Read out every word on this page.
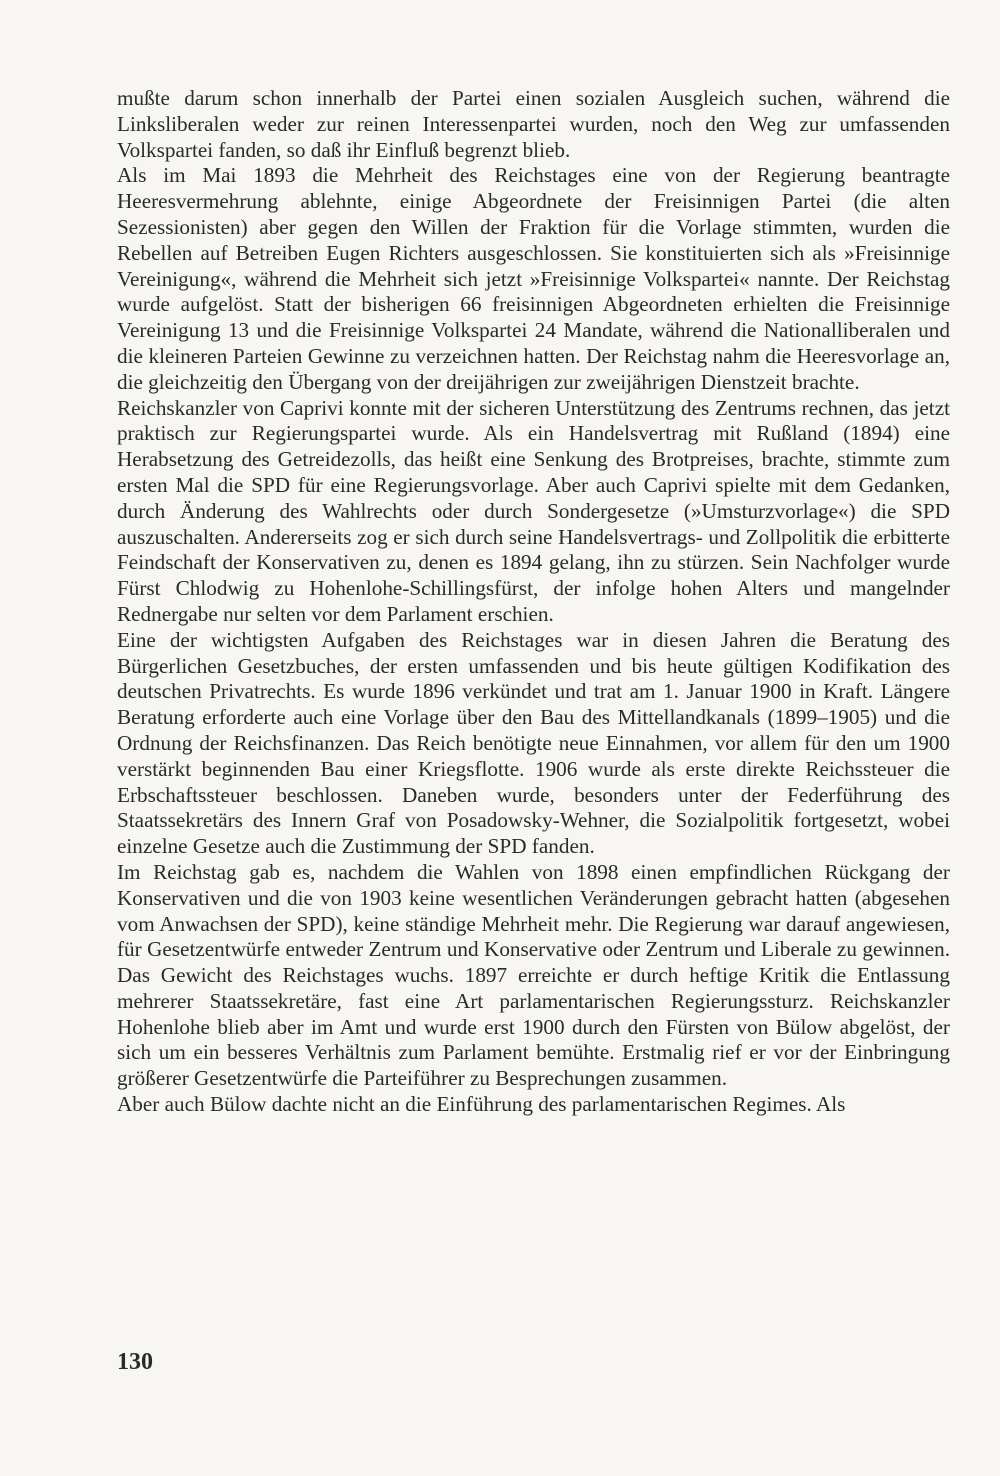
mußte darum schon innerhalb der Partei einen sozialen Ausgleich suchen, während die Linksliberalen weder zur reinen Interessenpartei wurden, noch den Weg zur umfassenden Volkspartei fanden, so daß ihr Einfluß begrenzt blieb.

Als im Mai 1893 die Mehrheit des Reichstages eine von der Regierung beantragte Heeresvermehrung ablehnte, einige Abgeordnete der Freisinnigen Partei (die alten Sezessionisten) aber gegen den Willen der Fraktion für die Vorlage stimmten, wurden die Rebellen auf Betreiben Eugen Richters ausgeschlossen. Sie konstituierten sich als »Freisinnige Vereinigung«, während die Mehrheit sich jetzt »Freisinnige Volkspartei« nannte. Der Reichstag wurde aufgelöst. Statt der bisherigen 66 freisinnigen Abgeordneten erhielten die Freisinnige Vereinigung 13 und die Freisinnige Volkspartei 24 Mandate, während die Nationalliberalen und die kleineren Parteien Gewinne zu verzeichnen hatten. Der Reichstag nahm die Heeresvorlage an, die gleichzeitig den Übergang von der dreijährigen zur zweijährigen Dienstzeit brachte.

Reichskanzler von Caprivi konnte mit der sicheren Unterstützung des Zentrums rechnen, das jetzt praktisch zur Regierungspartei wurde. Als ein Handelsvertrag mit Rußland (1894) eine Herabsetzung des Getreidezolls, das heißt eine Senkung des Brotpreises, brachte, stimmte zum ersten Mal die SPD für eine Regierungsvorlage. Aber auch Caprivi spielte mit dem Gedanken, durch Änderung des Wahlrechts oder durch Sondergesetze (»Umsturzvorlage«) die SPD auszuschalten. Andererseits zog er sich durch seine Handelsvertrags- und Zollpolitik die erbitterte Feindschaft der Konservativen zu, denen es 1894 gelang, ihn zu stürzen. Sein Nachfolger wurde Fürst Chlodwig zu Hohenlohe-Schillingsfürst, der infolge hohen Alters und mangelnder Rednergabe nur selten vor dem Parlament erschien.

Eine der wichtigsten Aufgaben des Reichstages war in diesen Jahren die Beratung des Bürgerlichen Gesetzbuches, der ersten umfassenden und bis heute gültigen Kodifikation des deutschen Privatrechts. Es wurde 1896 verkündet und trat am 1. Januar 1900 in Kraft. Längere Beratung erforderte auch eine Vorlage über den Bau des Mittellandkanals (1899–1905) und die Ordnung der Reichsfinanzen. Das Reich benötigte neue Einnahmen, vor allem für den um 1900 verstärkt beginnenden Bau einer Kriegsflotte. 1906 wurde als erste direkte Reichssteuer die Erbschaftssteuer beschlossen. Daneben wurde, besonders unter der Federführung des Staatssekretärs des Innern Graf von Posadowsky-Wehner, die Sozialpolitik fortgesetzt, wobei einzelne Gesetze auch die Zustimmung der SPD fanden.

Im Reichstag gab es, nachdem die Wahlen von 1898 einen empfindlichen Rückgang der Konservativen und die von 1903 keine wesentlichen Veränderungen gebracht hatten (abgesehen vom Anwachsen der SPD), keine ständige Mehrheit mehr. Die Regierung war darauf angewiesen, für Gesetzentwürfe entweder Zentrum und Konservative oder Zentrum und Liberale zu gewinnen. Das Gewicht des Reichstages wuchs. 1897 erreichte er durch heftige Kritik die Entlassung mehrerer Staatssekretäre, fast eine Art parlamentarischen Regierungssturz. Reichskanzler Hohenlohe blieb aber im Amt und wurde erst 1900 durch den Fürsten von Bülow abgelöst, der sich um ein besseres Verhältnis zum Parlament bemühte. Erstmalig rief er vor der Einbringung größerer Gesetzentwürfe die Parteiführer zu Besprechungen zusammen.

Aber auch Bülow dachte nicht an die Einführung des parlamentarischen Regimes. Als

130
